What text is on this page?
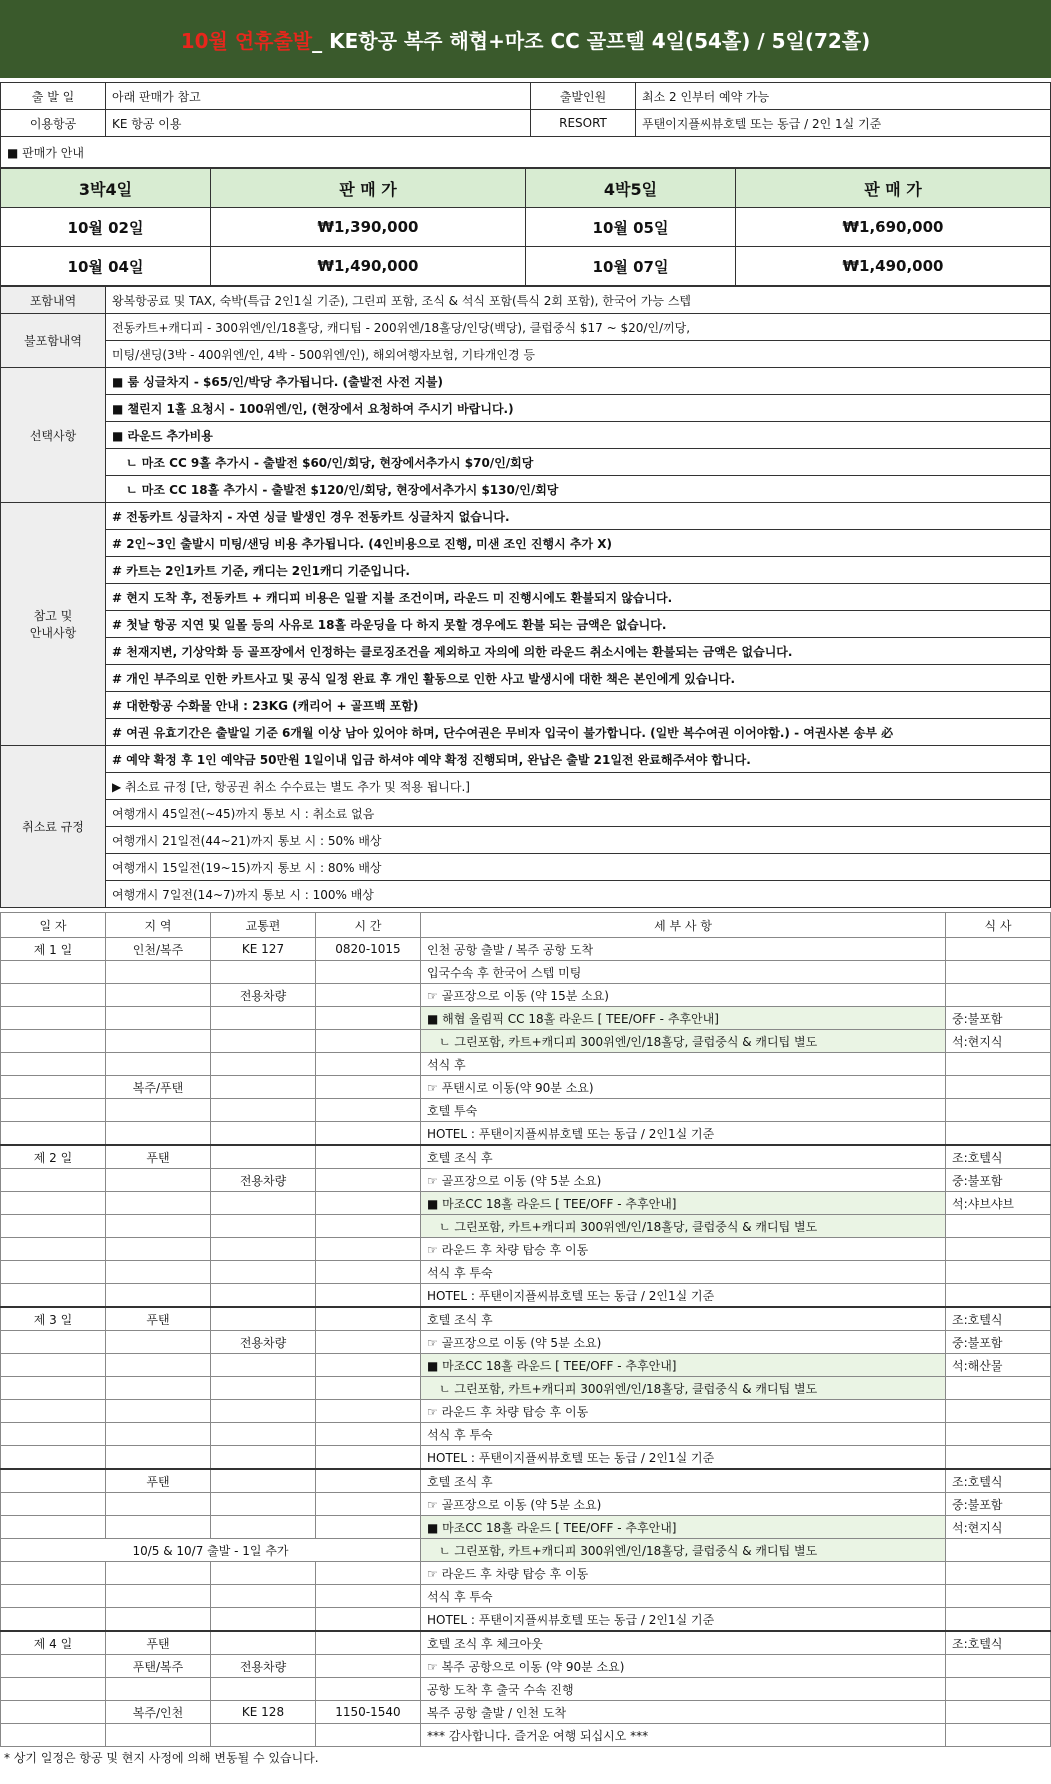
10월 연휴출발 _ KE항공 복주 해협+마조 CC 골프텔 4일(54홀) / 5일(72홀)
출 발 일	아래 판매가 참고	출발인원	최소 2 인부터 예약 가능
이용항공	KE 항공 이용	RESORT	푸탠이지플씨뷰호텔 또는 동급 / 2인 1실 기준
■ 판매가 안내			
3박4일	판 매 가	4박5일	판 매 가
10월 02일	₩1,390,000	10월 05일	₩1,690,000
10월 04일	₩1,490,000	10월 07일	₩1,490,000
포함내역	왕복항공료 및 TAX, 숙박(특급 2인1실 기준), 그린피 포함, 조식 & 석식 포함(특식 2회 포함), 한국어 가능 스텝
불포함내역	전동카트+캐디피 - 300위엔/인/18홀당, 캐디팁 - 200위엔/18홀당/인당(백당), 클럽중식 $17 ~ $20/인/끼당,
	미팅/샌딩(3박 - 400위엔/인, 4박 - 500위엔/인), 해외여행자보험, 기타개인경 등
선택사항	■ 룸 싱글차지 - $65/인/박당 추가됩니다. (출발전 사전 지불)
	■ 챌린지 1홀 요청시 - 100위엔/인, (현장에서 요청하여 주시기 바랍니다.)
	■ 라운드 추가비용
	ㄴ 마조 CC 9홀 추가시 - 출발전 $60/인/회당, 현장에서추가시 $70/인/회당
	ㄴ 마조 CC 18홀 추가시 - 출발전 $120/인/회당, 현장에서추가시 $130/인/회당

참고 및
안내사항	# 전동카트 싱글차지 - 자연 싱글 발생인 경우 전동카트 싱글차지 없습니다.
	# 2인~3인 출발시 미팅/샌딩 비용 추가됩니다. (4인비용으로 진행, 미샌 조인 진행시 추가 X)
	# 카트는 2인1카트 기준, 캐디는 2인1캐디 기준입니다.
	# 현지 도착 후, 전동카트 + 캐디피 비용은 일괄 지불 조건이며, 라운드 미 진행시에도 환불되지 않습니다.
	# 첫날 항공 지연 및 일몰 등의 사유로 18홀 라운딩을 다 하지 못할 경우에도 환불 되는 금액은 없습니다.
	# 천재지변, 기상악화 등 골프장에서 인정하는 클로징조건을 제외하고 자의에 의한 라운드 취소시에는 환불되는 금액은 없습니다.
	# 개인 부주의로 인한 카트사고 및 공식 일정 완료 후 개인 활동으로 인한 사고 발생시에 대한 책은 본인에게 있습니다.
	# 대한항공 수화물 안내 : 23KG (캐리어 + 골프백 포함)
	# 여권 유효기간은 출발일 기준 6개월 이상 남아 있어야 하며, 단수여권은 무비자 입국이 불가합니다. (일반 복수여권 이어야함.) - 여권사본 송부 必
취소료 규정	# 예약 확정 후 1인 예약금 50만원 1일이내 입금 하셔야 예약 확정 진행되며, 완납은 출발 21일전 완료해주셔야 합니다.
	▶ 취소료 규정 [단, 항공권 취소 수수료는 별도 추가 및 적용 됩니다.]
	여행개시 45일전(~45)까지 통보 시 : 취소료 없음
	여행개시 21일전(44~21)까지 통보 시 : 50% 배상
	여행개시 15일전(19~15)까지 통보 시 : 80% 배상
	여행개시 7일전(14~7)까지 통보 시 : 100% 배상
일 자	지 역	교통편	시 간	세 부 사 항	식 사
제 1 일	인천/복주	KE 127	0820-1015	인천 공항 출발 / 복주 공항 도착	
				입국수속 후 한국어 스텝 미팅	
		전용차량		☞ 골프장으로 이동 (약 15분 소요)	
				■ 해협 올림픽 CC 18홀 라운드 [ TEE/OFF - 추후안내]	중:불포함
				ㄴ 그린포함, 카트+캐디피 300위엔/인/18홀당, 클럽중식 & 캐디팁 별도	석:현지식
				석식 후	
	복주/푸탠			☞ 푸탠시로 이동(약 90분 소요)	
				호텔 투숙	
				HOTEL : 푸탠이지플씨뷰호텔 또는 동급 / 2인1실 기준	
제 2 일	푸탠			호텔 조식 후	조:호텔식
		전용차량		☞ 골프장으로 이동 (약 5분 소요)	중:불포함
				■ 마조CC 18홀 라운드 [ TEE/OFF - 추후안내]	석:샤브샤브
				ㄴ 그린포함, 카트+캐디피 300위엔/인/18홀당, 클럽중식 & 캐디팁 별도	
				☞ 라운드 후 차량 탑승 후 이동	
				석식 후 투숙	
				HOTEL : 푸탠이지플씨뷰호텔 또는 동급 / 2인1실 기준	
제 3 일	푸탠			호텔 조식 후	조:호텔식
		전용차량		☞ 골프장으로 이동 (약 5분 소요)	중:불포함
				■ 마조CC 18홀 라운드 [ TEE/OFF - 추후안내]	석:해산물
				ㄴ 그린포함, 카트+캐디피 300위엔/인/18홀당, 클럽중식 & 캐디팁 별도	
				☞ 라운드 후 차량 탑승 후 이동	
				석식 후 투숙	
				HOTEL : 푸탠이지플씨뷰호텔 또는 동급 / 2인1실 기준	
	푸탠			호텔 조식 후	조:호텔식
				☞ 골프장으로 이동 (약 5분 소요)	중:불포함
				■ 마조CC 18홀 라운드 [ TEE/OFF - 추후안내]	석:현지식
10/5 & 10/7 출발 - 1일 추가				ㄴ 그린포함, 카트+캐디피 300위엔/인/18홀당, 클럽중식 & 캐디팁 별도	
				☞ 라운드 후 차량 탑승 후 이동	
				석식 후 투숙	
				HOTEL : 푸탠이지플씨뷰호텔 또는 동급 / 2인1실 기준	
제 4 일	푸탠			호텔 조식 후 체크아웃	조:호텔식
	푸탠/복주	전용차량		☞ 복주 공항으로 이동 (약 90분 소요)	
				공항 도착 후 출국 수속 진행	
	복주/인천	KE 128	1150-1540	복주 공항 출발 / 인천 도착	
				*** 감사합니다. 즐거운 여행 되십시오 ***	
* 상기 일정은 항공 및 현지 사정에 의해 변동될 수 있습니다.
